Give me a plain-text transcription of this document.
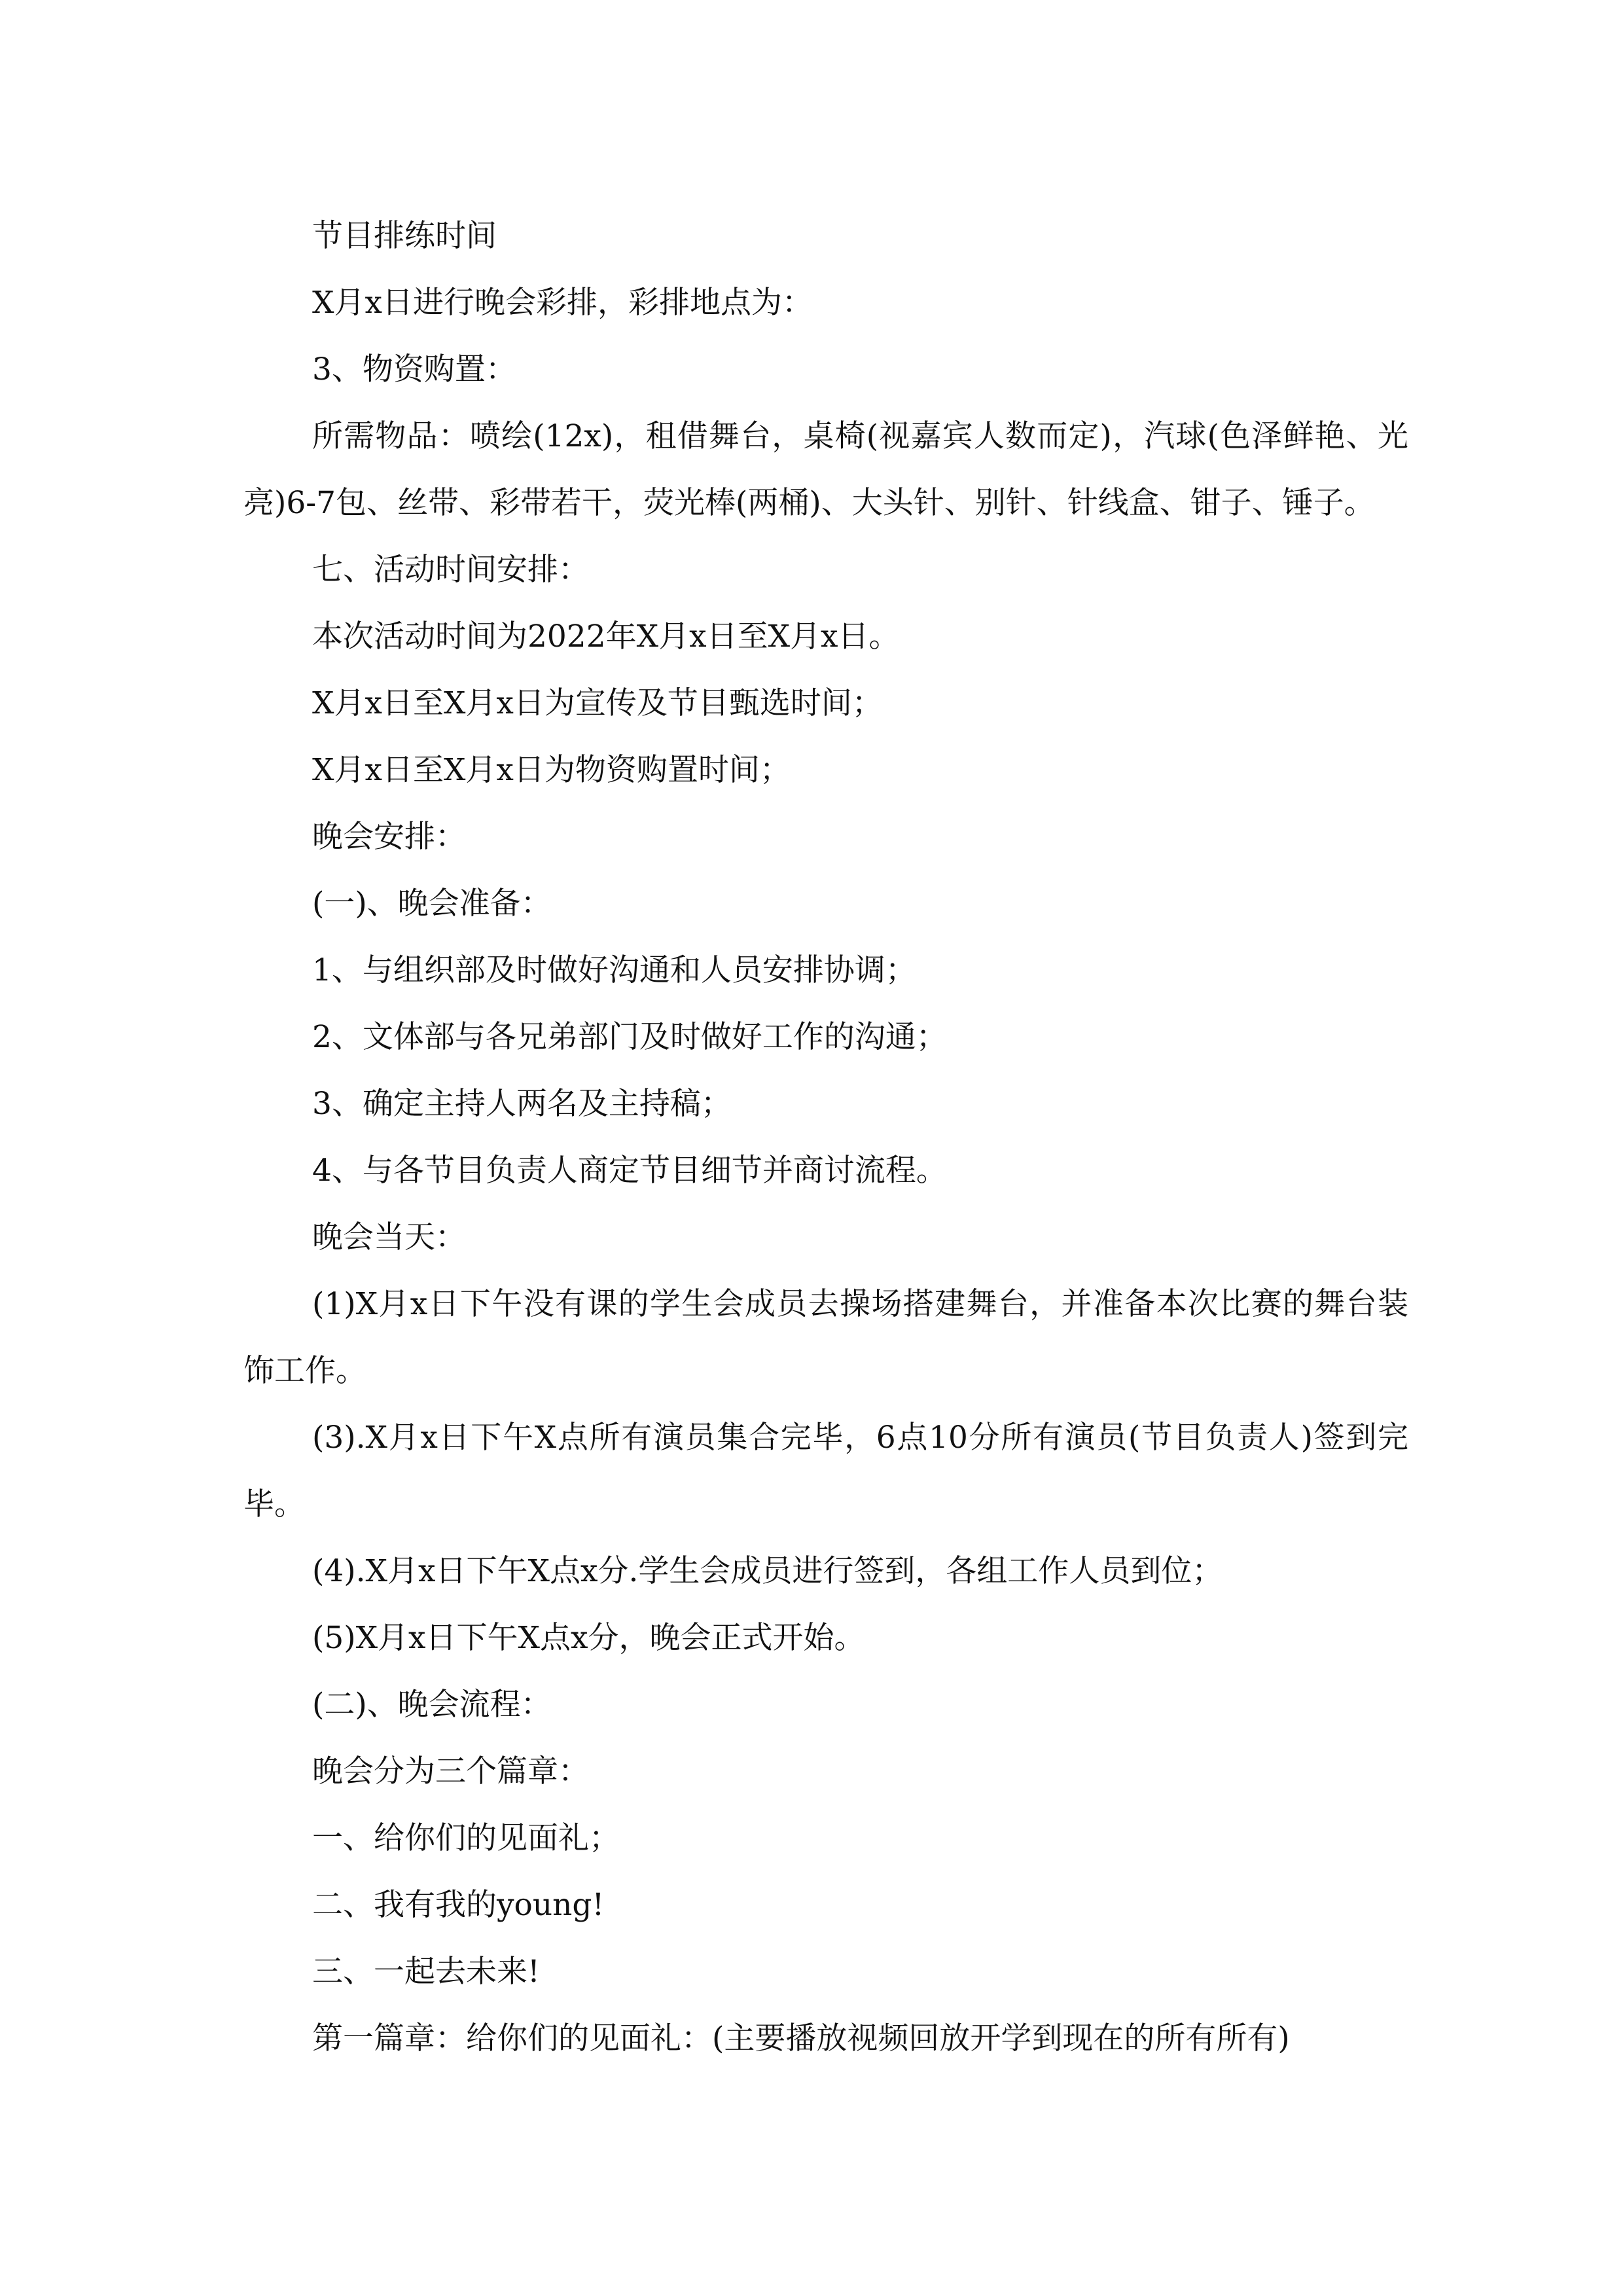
节目排练时间

X月x日进行晚会彩排，彩排地点为：

3、物资购置：

所需物品：喷绘(12x)，租借舞台，桌椅(视嘉宾人数而定)，汽球(色泽鲜艳、光亮)6-7包、丝带、彩带若干，荧光棒(两桶)、大头针、别针、针线盒、钳子、锤子。

七、活动时间安排：

本次活动时间为2022年X月x日至X月x日。

X月x日至X月x日为宣传及节目甄选时间；

X月x日至X月x日为物资购置时间；

晚会安排：

(一)、晚会准备：

1、与组织部及时做好沟通和人员安排协调；

2、文体部与各兄弟部门及时做好工作的沟通；

3、确定主持人两名及主持稿；

4、与各节目负责人商定节目细节并商讨流程。

晚会当天：

(1)X月x日下午没有课的学生会成员去操场搭建舞台，并准备本次比赛的舞台装饰工作。

(3).X月x日下午X点所有演员集合完毕，6点10分所有演员(节目负责人)签到完毕。

(4).X月x日下午X点x分.学生会成员进行签到，各组工作人员到位；

(5)X月x日下午X点x分，晚会正式开始。

(二)、晚会流程：

晚会分为三个篇章：

一、给你们的见面礼；

二、我有我的young!

三、一起去未来!

第一篇章：给你们的见面礼：(主要播放视频回放开学到现在的所有所有)
